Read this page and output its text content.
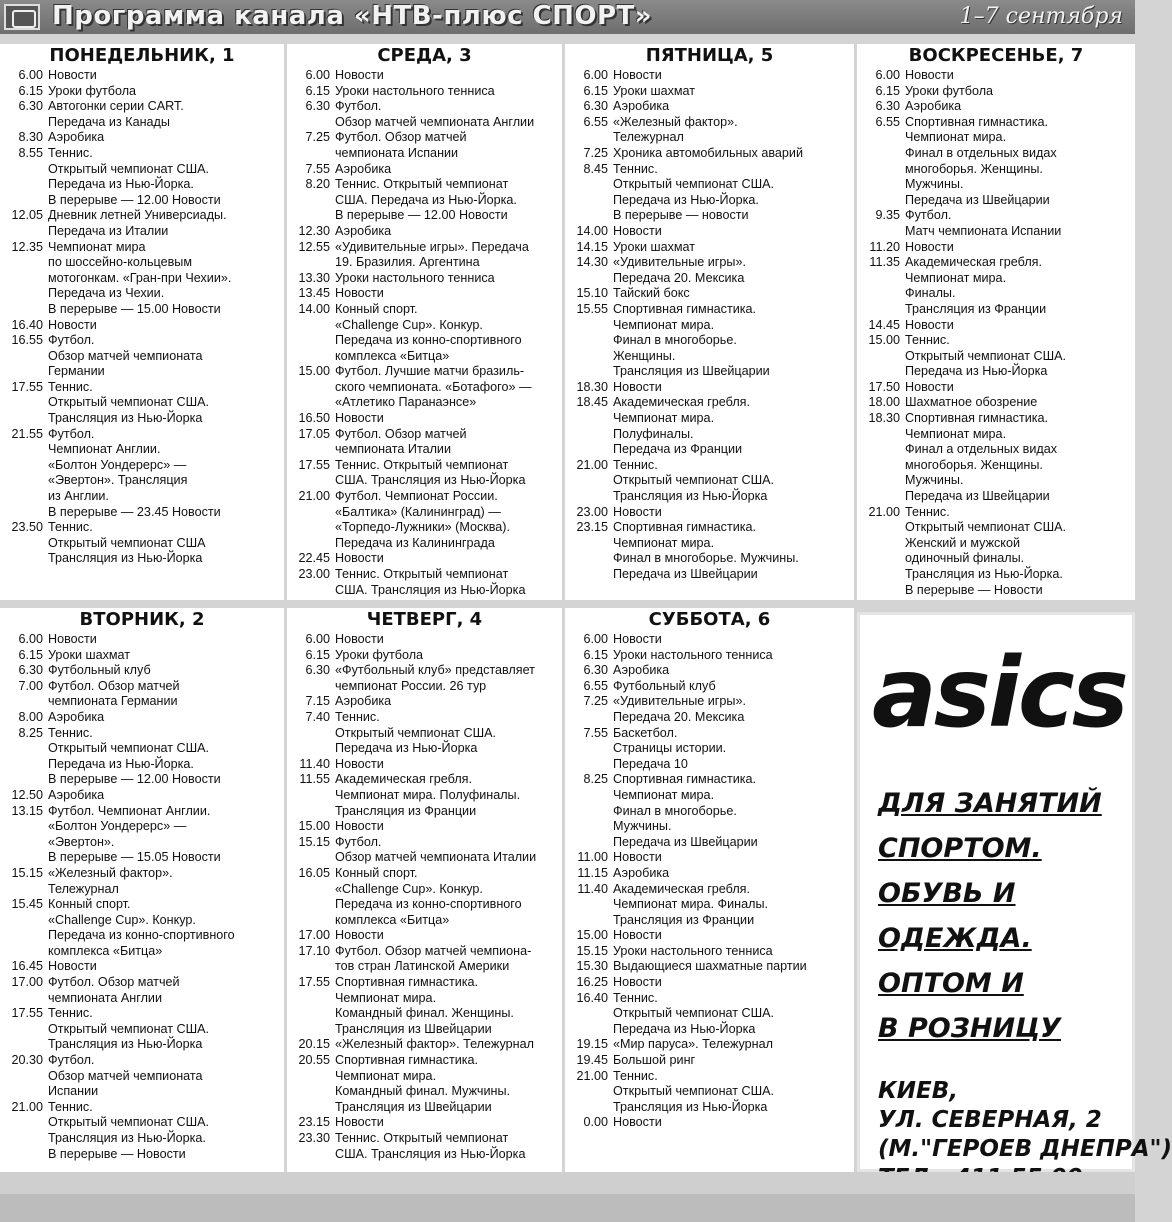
Программа канала «НТВ-плюс СПОРТ»	1–7 сентября
ПОНЕДЕЛЬНИК, 1
6.00 Новости
6.15 Уроки футбола
6.30 Автогонки серии CART.
Передача из Канады
8.30 Аэробика
8.55 Теннис.
Открытый чемпионат США.
Передача из Нью-Йорка.
В перерыве — 12.00 Новости
12.05 Дневник летней Универсиады.
Передача из Италии
12.35 Чемпионат мира
по шоссейно-кольцевым
мотогонкам. «Гран-при Чехии».
Передача из Чехии.
В перерыве — 15.00 Новости
16.40 Новости
16.55 Футбол.
Обзор матчей чемпионата
Германии
17.55 Теннис.
Открытый чемпионат США.
Трансляция из Нью-Йорка
21.55 Футбол.
Чемпионат Англии.
«Болтон Уондерерс» —
«Эвертон». Трансляция
из Англии.
В перерыве — 23.45 Новости
23.50 Теннис.
Открытый чемпионат США
Трансляция из Нью-Йорка
СРЕДА, 3
6.00 Новости
6.15 Уроки настольного тенниса
6.30 Футбол.
Обзор матчей чемпионата Англии
7.25 Футбол. Обзор матчей
чемпионата Испании
7.55 Аэробика
8.20 Теннис. Открытый чемпионат
США. Передача из Нью-Йорка.
В перерыве — 12.00 Новости
12.30 Аэробика
12.55 «Удивительные игры». Передача
19. Бразилия. Аргентина
13.30 Уроки настольного тенниса
13.45 Новости
14.00 Конный спорт.
«Challenge Cup». Конкур.
Передача из конно-спортивного
комплекса «Битца»
15.00 Футбол. Лучшие матчи бразиль-
ского чемпионата. «Ботафого» —
«Атлетико Паранаэнсе»
16.50 Новости
17.05 Футбол. Обзор матчей
чемпионата Италии
17.55 Теннис. Открытый чемпионат
США. Трансляция из Нью-Йорка
21.00 Футбол. Чемпионат России.
«Балтика» (Калининград) —
«Торпедо-Лужники» (Москва).
Передача из Калининграда
22.45 Новости
23.00 Теннис. Открытый чемпионат
США. Трансляция из Нью-Йорка
ПЯТНИЦА, 5
6.00 Новости
6.15 Уроки шахмат
6.30 Аэробика
6.55 «Железный фактор».
Тележурнал
7.25 Хроника автомобильных аварий
8.45 Теннис.
Открытый чемпионат США.
Передача из Нью-Йорка.
В перерыве — новости
14.00 Новости
14.15 Уроки шахмат
14.30 «Удивительные игры».
Передача 20. Мексика
15.10 Тайский бокс
15.55 Спортивная гимнастика.
Чемпионат мира.
Финал в многоборье.
Женщины.
Трансляция из Швейцарии
18.30 Новости
18.45 Академическая гребля.
Чемпионат мира.
Полуфиналы.
Передача из Франции
21.00 Теннис.
Открытый чемпионат США.
Трансляция из Нью-Йорка
23.00 Новости
23.15 Спортивная гимнастика.
Чемпионат мира.
Финал в многоборье. Мужчины.
Передача из Швейцарии
ВОСКРЕСЕНЬЕ, 7
6.00 Новости
6.15 Уроки футбола
6.30 Аэробика
6.55 Спортивная гимнастика.
Чемпионат мира.
Финал в отдельных видах
многоборья. Женщины.
Мужчины.
Передача из Швейцарии
9.35 Футбол.
Матч чемпионата Испании
11.20 Новости
11.35 Академическая гребля.
Чемпионат мира.
Финалы.
Трансляция из Франции
14.45 Новости
15.00 Теннис.
Открытый чемпионат США.
Передача из Нью-Йорка
17.50 Новости
18.00 Шахматное обозрение
18.30 Спортивная гимнастика.
Чемпионат мира.
Финал а отдельных видах
многоборья. Женщины.
Мужчины.
Передача из Швейцарии
21.00 Теннис.
Открытый чемпионат США.
Женский и мужской
одиночный финалы.
Трансляция из Нью-Йорка.
В перерыве — Новости
ВТОРНИК, 2
6.00 Новости
6.15 Уроки шахмат
6.30 Футбольный клуб
7.00 Футбол. Обзор матчей
чемпионата Германии
8.00 Аэробика
8.25 Теннис.
Открытый чемпионат США.
Передача из Нью-Йорка.
В перерыве — 12.00 Новости
12.50 Аэробика
13.15 Футбол. Чемпионат Англии.
«Болтон Уондерерс» —
«Эвертон».
В перерыве — 15.05 Новости
15.15 «Железный фактор».
Тележурнал
15.45 Конный спорт.
«Challenge Cup». Конкур.
Передача из конно-спортивного
комплекса «Битца»
16.45 Новости
17.00 Футбол. Обзор матчей
чемпионата Англии
17.55 Теннис.
Открытый чемпионат США.
Трансляция из Нью-Йорка
20.30 Футбол.
Обзор матчей чемпионата
Испании
21.00 Теннис.
Открытый чемпионат США.
Трансляция из Нью-Йорка.
В перерыве — Новости
ЧЕТВЕРГ, 4
6.00 Новости
6.15 Уроки футбола
6.30 «Футбольный клуб» представляет
чемпионат России. 26 тур
7.15 Аэробика
7.40 Теннис.
Открытый чемпионат США.
Передача из Нью-Йорка
11.40 Новости
11.55 Академическая гребля.
Чемпионат мира. Полуфиналы.
Трансляция из Франции
15.00 Новости
15.15 Футбол.
Обзор матчей чемпионата Италии
16.05 Конный спорт.
«Challenge Cup». Конкур.
Передача из конно-спортивного
комплекса «Битца»
17.00 Новости
17.10 Футбол. Обзор матчей чемпиона-
тов стран Латинской Америки
17.55 Спортивная гимнастика.
Чемпионат мира.
Командный финал. Женщины.
Трансляция из Швейцарии
20.15 «Железный фактор». Тележурнал
20.55 Спортивная гимнастика.
Чемпионат мира.
Командный финал. Мужчины.
Трансляция из Швейцарии
23.15 Новости
23.30 Теннис. Открытый чемпионат
США. Трансляция из Нью-Йорка
СУББОТА, 6
6.00 Новости
6.15 Уроки настольного тенниса
6.30 Аэробика
6.55 Футбольный клуб
7.25 «Удивительные игры».
Передача 20. Мексика
7.55 Баскетбол.
Страницы истории.
Передача 10
8.25 Спортивная гимнастика.
Чемпионат мира.
Финал в многоборье.
Мужчины.
Передача из Швейцарии
11.00 Новости
11.15 Аэробика
11.40 Академическая гребля.
Чемпионат мира. Финалы.
Трансляция из Франции
15.00 Новости
15.15 Уроки настольного тенниса
15.30 Выдающиеся шахматные партии
16.25 Новости
16.40 Теннис.
Открытый чемпионат США.
Передача из Нью-Йорка
19.15 «Мир паруса». Тележурнал
19.45 Большой ринг
21.00 Теннис.
Открытый чемпионат США.
Трансляция из Нью-Йорка
0.00 Новости
asics
ДЛЯ ЗАНЯТИЙ
СПОРТОМ.
ОБУВЬ И
ОДЕЖДА.
ОПТОМ И
В РОЗНИЦУ
КИЕВ,
УЛ. СЕВЕРНАЯ, 2
(М."ГЕРОЕВ ДНЕПРА")
